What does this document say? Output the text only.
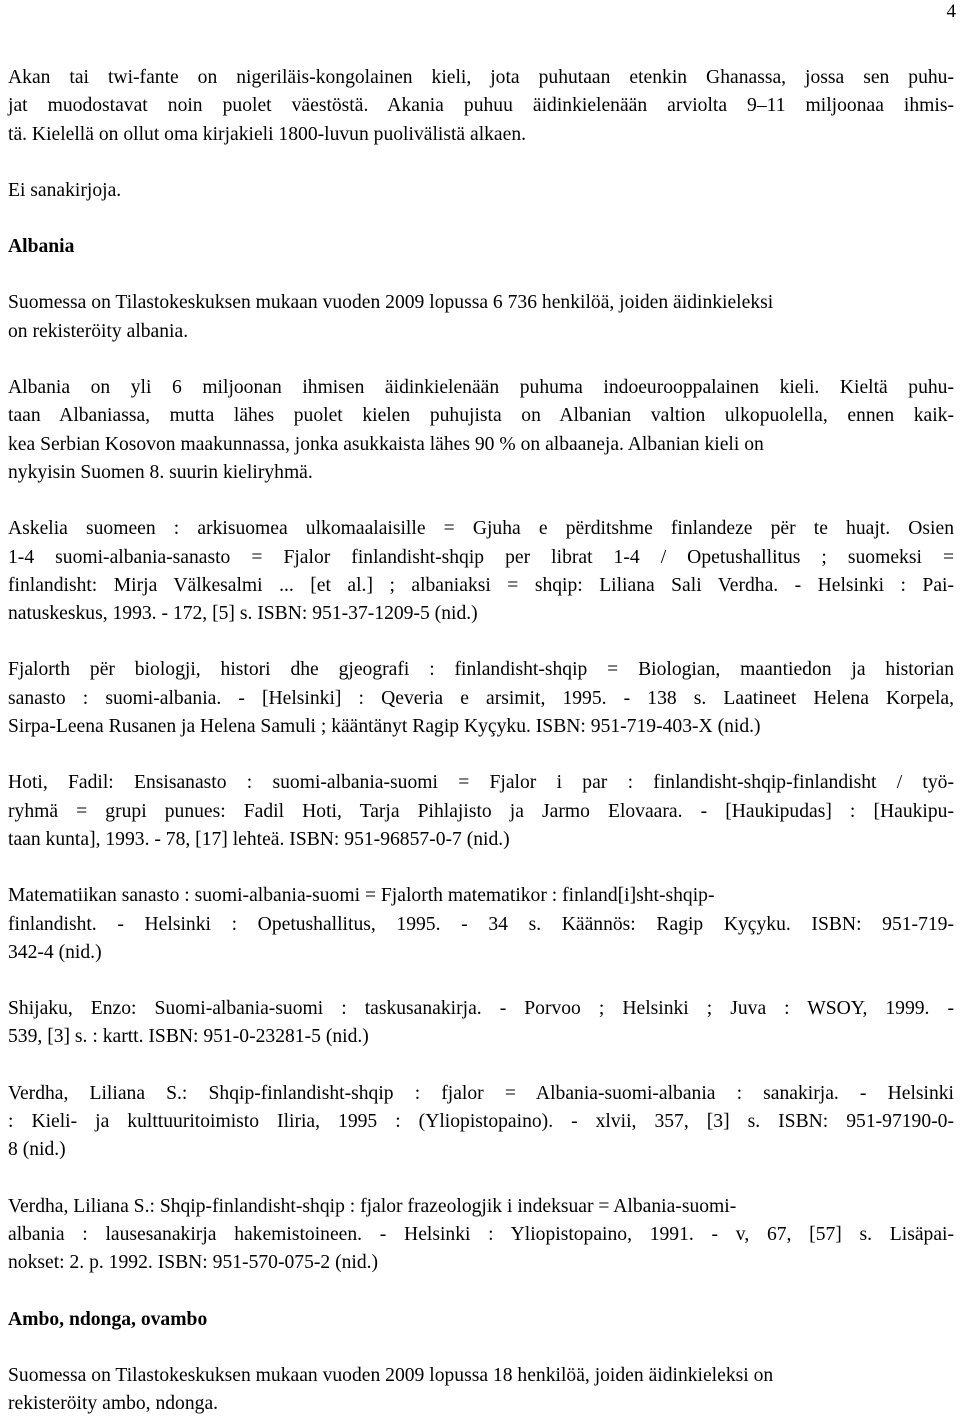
4

Akan tai twi-fante on nigeriläis-kongolainen kieli, jota puhutaan etenkin Ghanassa, jossa sen puhu-
jat muodostavat noin puolet väestöstä. Akania puhuu äidinkielenään arviolta 9–11 miljoonaa ihmis-
tä. Kielellä on ollut oma kirjakieli 1800-luvun puolivälistä alkaen.

Ei sanakirjoja.

Albania

Suomessa on Tilastokeskuksen mukaan vuoden 2009 lopussa 6 736 henkilöä, joiden äidinkieleksi
on rekisteröity albania.

Albania on yli 6 miljoonan ihmisen äidinkielenään puhuma indoeurooppalainen kieli. Kieltä puhu-
taan Albaniassa, mutta lähes puolet kielen puhujista on Albanian valtion ulkopuolella, ennen kaik-
kea Serbian Kosovon maakunnassa, jonka asukkaista lähes 90 % on albaaneja. Albanian kieli on
nykyisin Suomen 8. suurin kieliryhmä.

Askelia suomeen : arkisuomea ulkomaalaisille = Gjuha e përditshme finlandeze për te huajt. Osien
1-4 suomi-albania-sanasto = Fjalor finlandisht-shqip per librat 1-4 / Opetushallitus ; suomeksi =
finlandisht: Mirja Välkesalmi ... [et al.] ; albaniaksi = shqip: Liliana Sali Verdha. - Helsinki : Pai-
natuskeskus, 1993. - 172, [5] s. ISBN: 951-37-1209-5 (nid.)

Fjalorth për biologji, histori dhe gjeografi : finlandisht-shqip = Biologian, maantiedon ja historian
sanasto : suomi-albania. - [Helsinki] : Qeveria e arsimit, 1995. - 138 s. Laatineet Helena Korpela,
Sirpa-Leena Rusanen ja Helena Samuli ; kääntänyt Ragip Kyçyku. ISBN: 951-719-403-X (nid.)

Hoti, Fadil: Ensisanasto : suomi-albania-suomi = Fjalor i par : finlandisht-shqip-finlandisht / työ-
ryhmä = grupi punues: Fadil Hoti, Tarja Pihlajisto ja Jarmo Elovaara. - [Haukipudas] : [Haukipu-
taan kunta], 1993. - 78, [17] lehteä. ISBN: 951-96857-0-7 (nid.)

Matematiikan sanasto : suomi-albania-suomi = Fjalorth matematikor : finland[i]sht-shqip-
finlandisht. - Helsinki : Opetushallitus, 1995. - 34 s. Käännös: Ragip Kyçyku. ISBN: 951-719-
342-4 (nid.)

Shijaku, Enzo: Suomi-albania-suomi : taskusanakirja. - Porvoo ; Helsinki ; Juva : WSOY, 1999. -
539, [3] s. : kartt. ISBN: 951-0-23281-5 (nid.)

Verdha, Liliana S.: Shqip-finlandisht-shqip : fjalor = Albania-suomi-albania : sanakirja. - Helsinki
: Kieli- ja kulttuuritoimisto Iliria, 1995 : (Yliopistopaino). - xlvii, 357, [3] s. ISBN: 951-97190-0-
8 (nid.)

Verdha, Liliana S.: Shqip-finlandisht-shqip : fjalor frazeologjik i indeksuar = Albania-suomi-
albania : lausesanakirja hakemistoineen. - Helsinki : Yliopistopaino, 1991. - v, 67, [57] s. Lisäpai-
nokset: 2. p. 1992. ISBN: 951-570-075-2 (nid.)

Ambo, ndonga, ovambo

Suomessa on Tilastokeskuksen mukaan vuoden 2009 lopussa 18 henkilöä, joiden äidinkieleksi on
rekisteröity ambo, ndonga.
